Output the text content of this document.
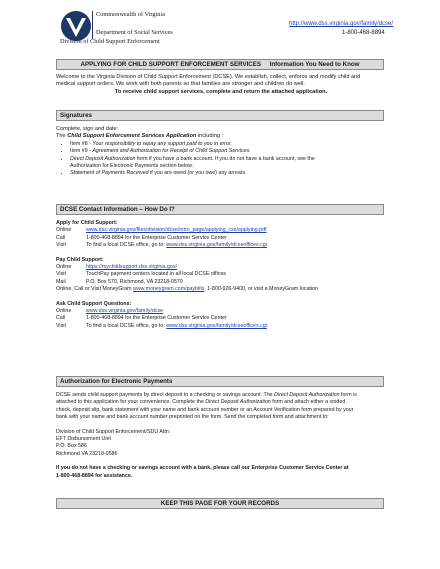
Commonwealth of Virginia
Department of Social Services
Division of Child Support Enforcement
http://www.dss.virginia.gov/family/dcse/
1-800-468-8894
APPLYING FOR CHILD SUPPORT ENFORCEMENT SERVICES Information You Need to Know
Welcome to the Virginia Division of Child Support Enforcement (DCSE). We establish, collect, enforce and modify child and
medical support orders. We work with both parents so that families are stronger and children do well.
To receive child support services, complete and return the attached application.
Signatures
Complete, sign and date:
The Child Support Enforcement Services Application including :
• Item #8 - Your responsibility to repay any support paid to you in error.
• Item #9 - Agreement and Authorization for Receipt of Child Support Services.
• Direct Deposit Authorization form if you have a bank account. If you do not have a bank account, see the
Authorization for Electronic Payments section below.
• Statement of Payments Received if you are owed (or you owe) any arrears.
DCSE Contact Information – How Do I?
Apply for Child Support:
Online	www.dss.virginia.gov/files/division/dcse/intro_page/applying_css/applying.pdf
Call	1-800-468-8894 for the Enterprise Customer Service Center
Visit	To find a local DCSE office, go to: www.dss.virginia.gov/family/dcseoffices.cgi
Pay Child Support:
Online	https://mychildsupport.dss.virginia.gov/
Visit	TouchPay payment centers located in all local DCSE offices
Mail	P.O. Box 570, Richmond, VA 23218-0570
Online, Call or Visit MoneyGram www.moneygram.com/paybills, 1-800-926-9400, or visit a MoneyGram location
Ask Child Support Questions:
Online	www.dss.virginia.gov/family/dcse
Call	1-800-468-8894 for the Enterprise Customer Service Center
Visit	To find a local DCSE office, go to: www.dss.virginia.gov/family/dcseoffices.cgi
Authorization for Electronic Payments
DCSE sends child support payments by direct deposit to a checking or savings account. The Direct Deposit Authorization form is
attached to this application for your convenience. Complete the Direct Deposit Authorization form and attach either a voided
check, deposit slip, bank statement with your name and bank account number or an Account Verification form prepared by your
bank with your name and bank account number preprinted on the form. Send the completed form and attachment to:
Division of Child Support Enforcement/SDU Attn:
EFT Disbursement Unit
P.O. Box 586
Richmond VA 23218-0586
If you do not have a checking or savings account with a bank, please call our Enterprise Customer Service Center at
1-800-468-8894 for assistance.
KEEP THIS PAGE FOR YOUR RECORDS
